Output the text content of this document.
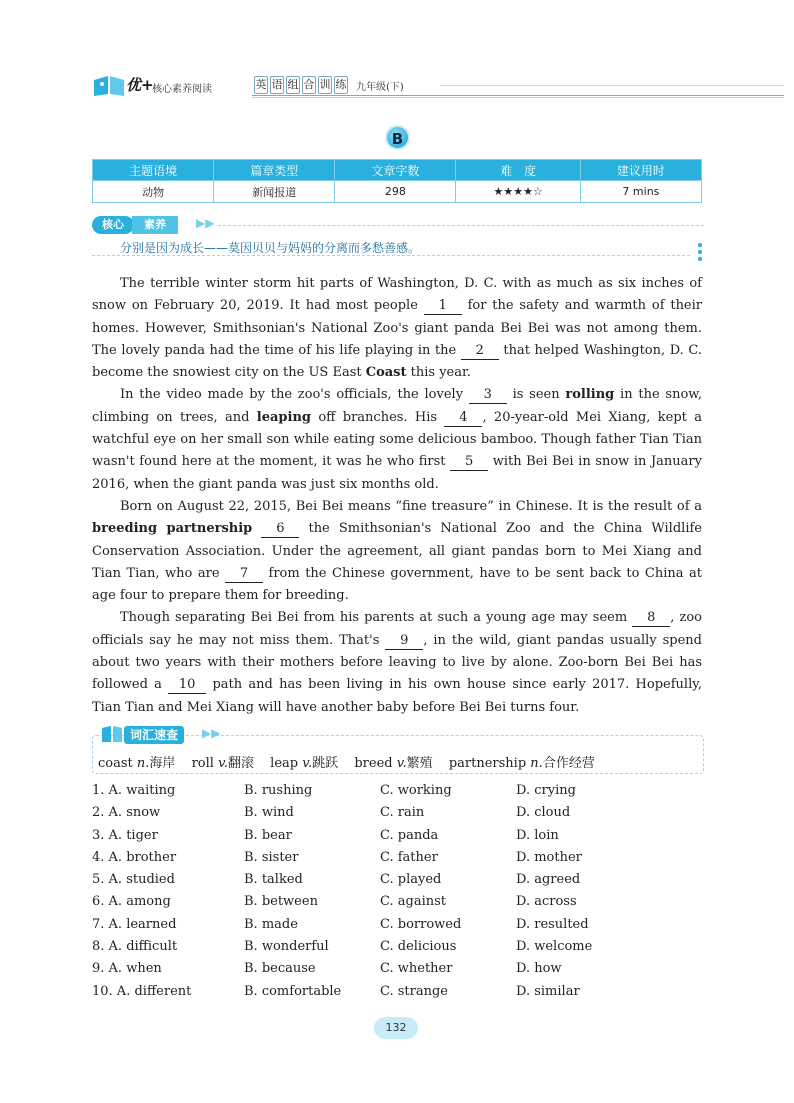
优+
核心素养阅读	英 语 组 合 训 练 九年级(下)
B
主题语境	篇章类型	文章字数	难　度	建议用时
动物	新闻报道	298	★★★★☆	7 mins
核心	素养	▶▶
分别是因为成长——莫因贝贝与妈妈的分离而多愁善感。

The terrible winter storm hit parts of Washington, D. C. with as much as six inches of snow on February 20, 2019. It had most people 1 for the safety and warmth of their homes. However, Smithsonian's National Zoo's giant panda Bei Bei was not among them. The lovely panda had the time of his life playing in the 2 that helped Washington, D. C. become the snowiest city on the US East Coast this year.

In the video made by the zoo's officials, the lovely 3 is seen rolling in the snow, climbing on trees, and leaping off branches. His 4 , 20-year-old Mei Xiang, kept a watchful eye on her small son while eating some delicious bamboo. Though father Tian Tian wasn't found here at the moment, it was he who first 5 with Bei Bei in snow in January 2016, when the giant panda was just six months old.

Born on August 22, 2015, Bei Bei means “fine treasure” in Chinese. It is the result of a breeding partnership 6 the Smithsonian's National Zoo and the China Wildlife Conservation Association. Under the agreement, all giant pandas born to Mei Xiang and Tian Tian, who are 7 from the Chinese government, have to be sent back to China at age four to prepare them for breeding.

Though separating Bei Bei from his parents at such a young age may seem 8 , zoo officials say he may not miss them. That's 9 , in the wild, giant pandas usually spend about two years with their mothers before leaving to live by alone. Zoo-born Bei Bei has followed a 10 path and has been living in his own house since early 2017. Hopefully, Tian Tian and Mei Xiang will have another baby before Bei Bei turns four.

词汇速查	▶▶
coast n.海岸 roll v.翻滚 leap v.跳跃 breed v.繁殖 partnership n.合作经营
1. A. waiting	B. rushing	C. working	D. crying
2. A. snow	B. wind	C. rain	D. cloud
3. A. tiger	B. bear	C. panda	D. loin
4. A. brother	B. sister	C. father	D. mother
5. A. studied	B. talked	C. played	D. agreed
6. A. among	B. between	C. against	D. across
7. A. learned	B. made	C. borrowed	D. resulted
8. A. difficult	B. wonderful	C. delicious	D. welcome
9. A. when	B. because	C. whether	D. how
10. A. different	B. comfortable	C. strange	D. similar
132
